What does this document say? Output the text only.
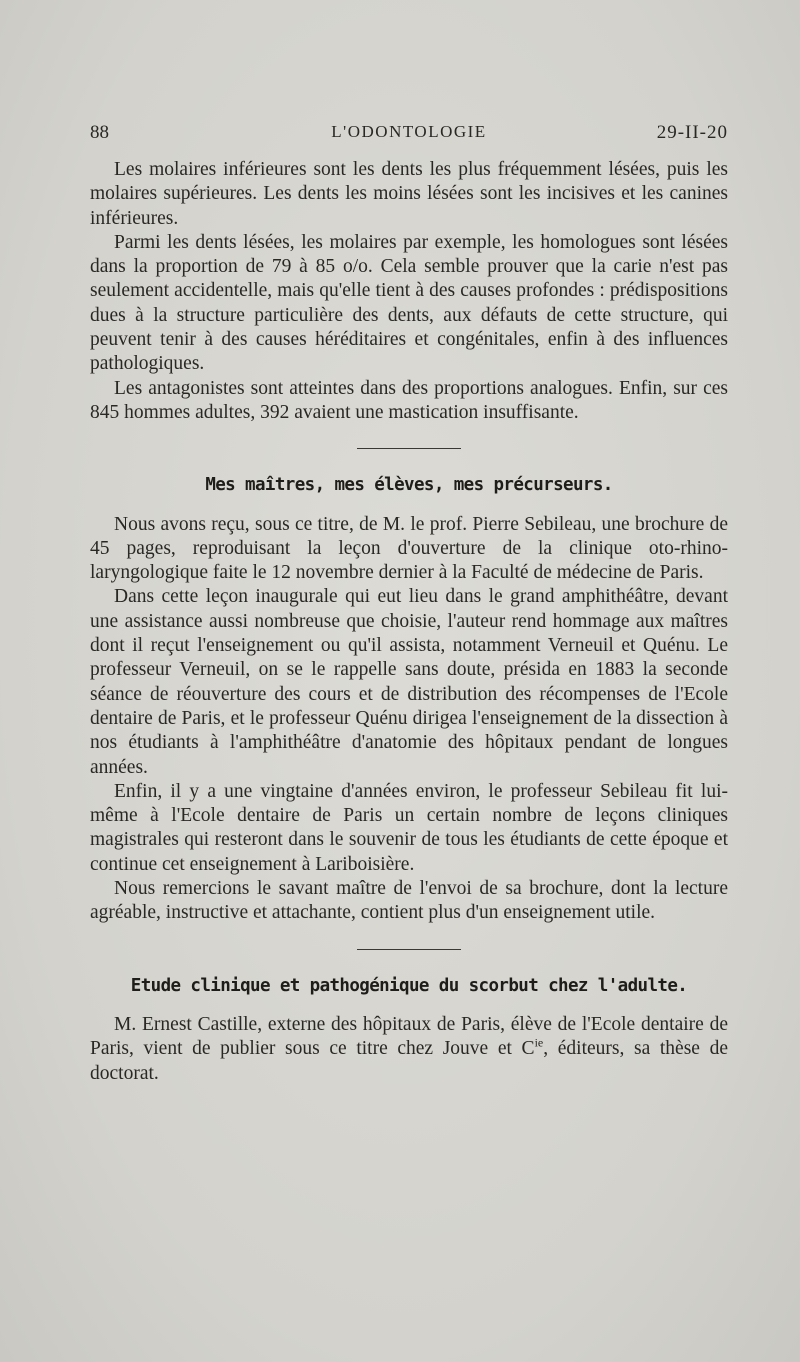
88	L'ODONTOLOGIE	29-II-20

Les molaires inférieures sont les dents les plus fréquemment lésées, puis les molaires supérieures. Les dents les moins lésées sont les incisives et les canines inférieures.

Parmi les dents lésées, les molaires par exemple, les homologues sont lésées dans la proportion de 79 à 85 o/o. Cela semble prouver que la carie n'est pas seulement accidentelle, mais qu'elle tient à des causes profondes : prédispositions dues à la structure particulière des dents, aux défauts de cette structure, qui peuvent tenir à des causes héréditaires et congénitales, enfin à des influences pathologiques.

Les antagonistes sont atteintes dans des proportions analogues. Enfin, sur ces 845 hommes adultes, 392 avaient une mastication insuffisante.

Mes maîtres, mes élèves, mes précurseurs.

Nous avons reçu, sous ce titre, de M. le prof. Pierre Sebileau, une brochure de 45 pages, reproduisant la leçon d'ouverture de la clinique oto-rhino-laryngologique faite le 12 novembre dernier à la Faculté de médecine de Paris.

Dans cette leçon inaugurale qui eut lieu dans le grand amphithéâtre, devant une assistance aussi nombreuse que choisie, l'auteur rend hommage aux maîtres dont il reçut l'enseignement ou qu'il assista, notamment Verneuil et Quénu. Le professeur Verneuil, on se le rappelle sans doute, présida en 1883 la seconde séance de réouverture des cours et de distribution des récompenses de l'Ecole dentaire de Paris, et le professeur Quénu dirigea l'enseignement de la dissection à nos étudiants à l'amphithéâtre d'anatomie des hôpitaux pendant de longues années.

Enfin, il y a une vingtaine d'années environ, le professeur Sebileau fit lui-même à l'Ecole dentaire de Paris un certain nombre de leçons cliniques magistrales qui resteront dans le souvenir de tous les étudiants de cette époque et continue cet enseignement à Lariboisière.

Nous remercions le savant maître de l'envoi de sa brochure, dont la lecture agréable, instructive et attachante, contient plus d'un enseignement utile.

Etude clinique et pathogénique du scorbut chez l'adulte.

M. Ernest Castille, externe des hôpitaux de Paris, élève de l'Ecole dentaire de Paris, vient de publier sous ce titre chez Jouve et $C^{ie}$, éditeurs, sa thèse de doctorat.
